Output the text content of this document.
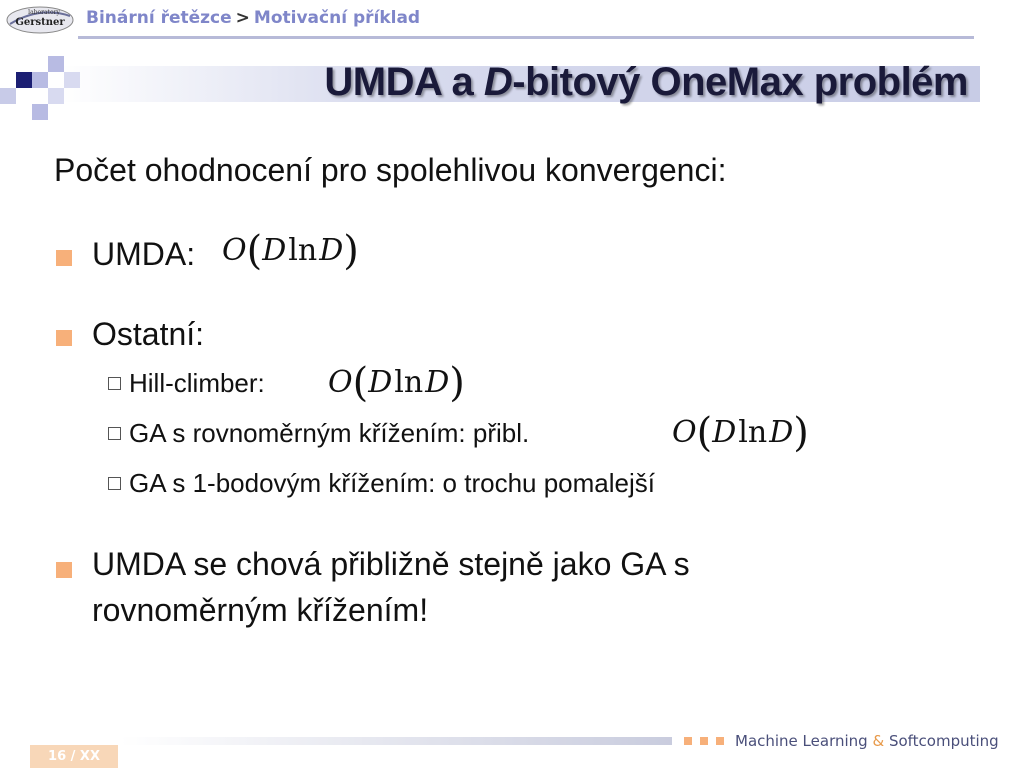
laboratory
Gerstner Binární řetězce > Motivační příklad
UMDA a D-bitový OneMax problém
Počet ohodnocení pro spolehlivou konvergenci:
UMDA: O(DlnD)
Ostatní:
Hill-climber: O(DlnD)
GA s rovnoměrným křížením: přibl.	O(DlnD)
GA s 1-bodovým křížením: o trochu pomalejší
UMDA se chová přibližně stejně jako GA s
rovnoměrným křížením!
Machine Learning & Softcomputing
16 / XX
